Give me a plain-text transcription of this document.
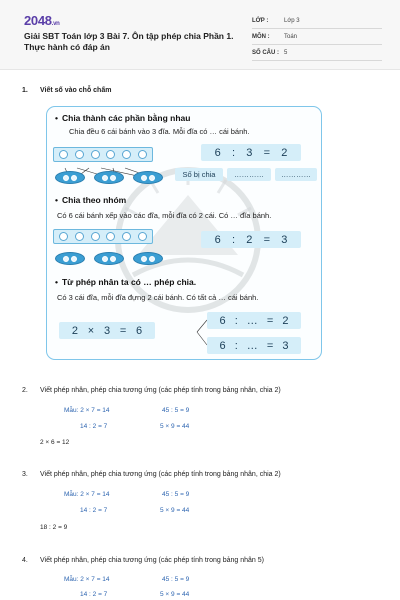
2048.vn
Giải SBT Toán lớp 3 Bài 7. Ôn tập phép chia Phần 1. Thực hành có đáp án
LỚP :	Lớp 3
MÔN :	Toán
SỐ CÂU : 5
1. Viết số vào chỗ chấm
• Chia thành các phần bằng nhau
Chia đều 6 cái bánh vào 3 đĩa. Mỗi đĩa có … cái bánh.
6 : 3 = 2
Số bị chia	…………	…………
• Chia theo nhóm
Có 6 cái bánh xếp vào các đĩa, mỗi đĩa có 2 cái. Có … đĩa bánh.
6 : 2 = 3
• Từ phép nhân ta có … phép chia.
Có 3 cái đĩa, mỗi đĩa đựng 2 cái bánh. Có tất cả … cái bánh.
2 × 3 = 6
6 : … = 2
6 : … = 3
2. Viết phép nhân, phép chia tương ứng (các phép tính trong bảng nhân, chia 2)
Mẫu: 2 × 7 = 14
14 : 2 = 7
45 : 5 = 9
5 × 9 = 44
2 × 6 = 12
3. Viết phép nhân, phép chia tương ứng (các phép tính trong bảng nhân, chia 2)
Mẫu: 2 × 7 = 14
14 : 2 = 7
45 : 5 = 9
5 × 9 = 44
18 : 2 = 9
4. Viết phép nhân, phép chia tương ứng (các phép tính trong bảng nhân 5)
Mẫu: 2 × 7 = 14
14 : 2 = 7
45 : 5 = 9
5 × 9 = 44
